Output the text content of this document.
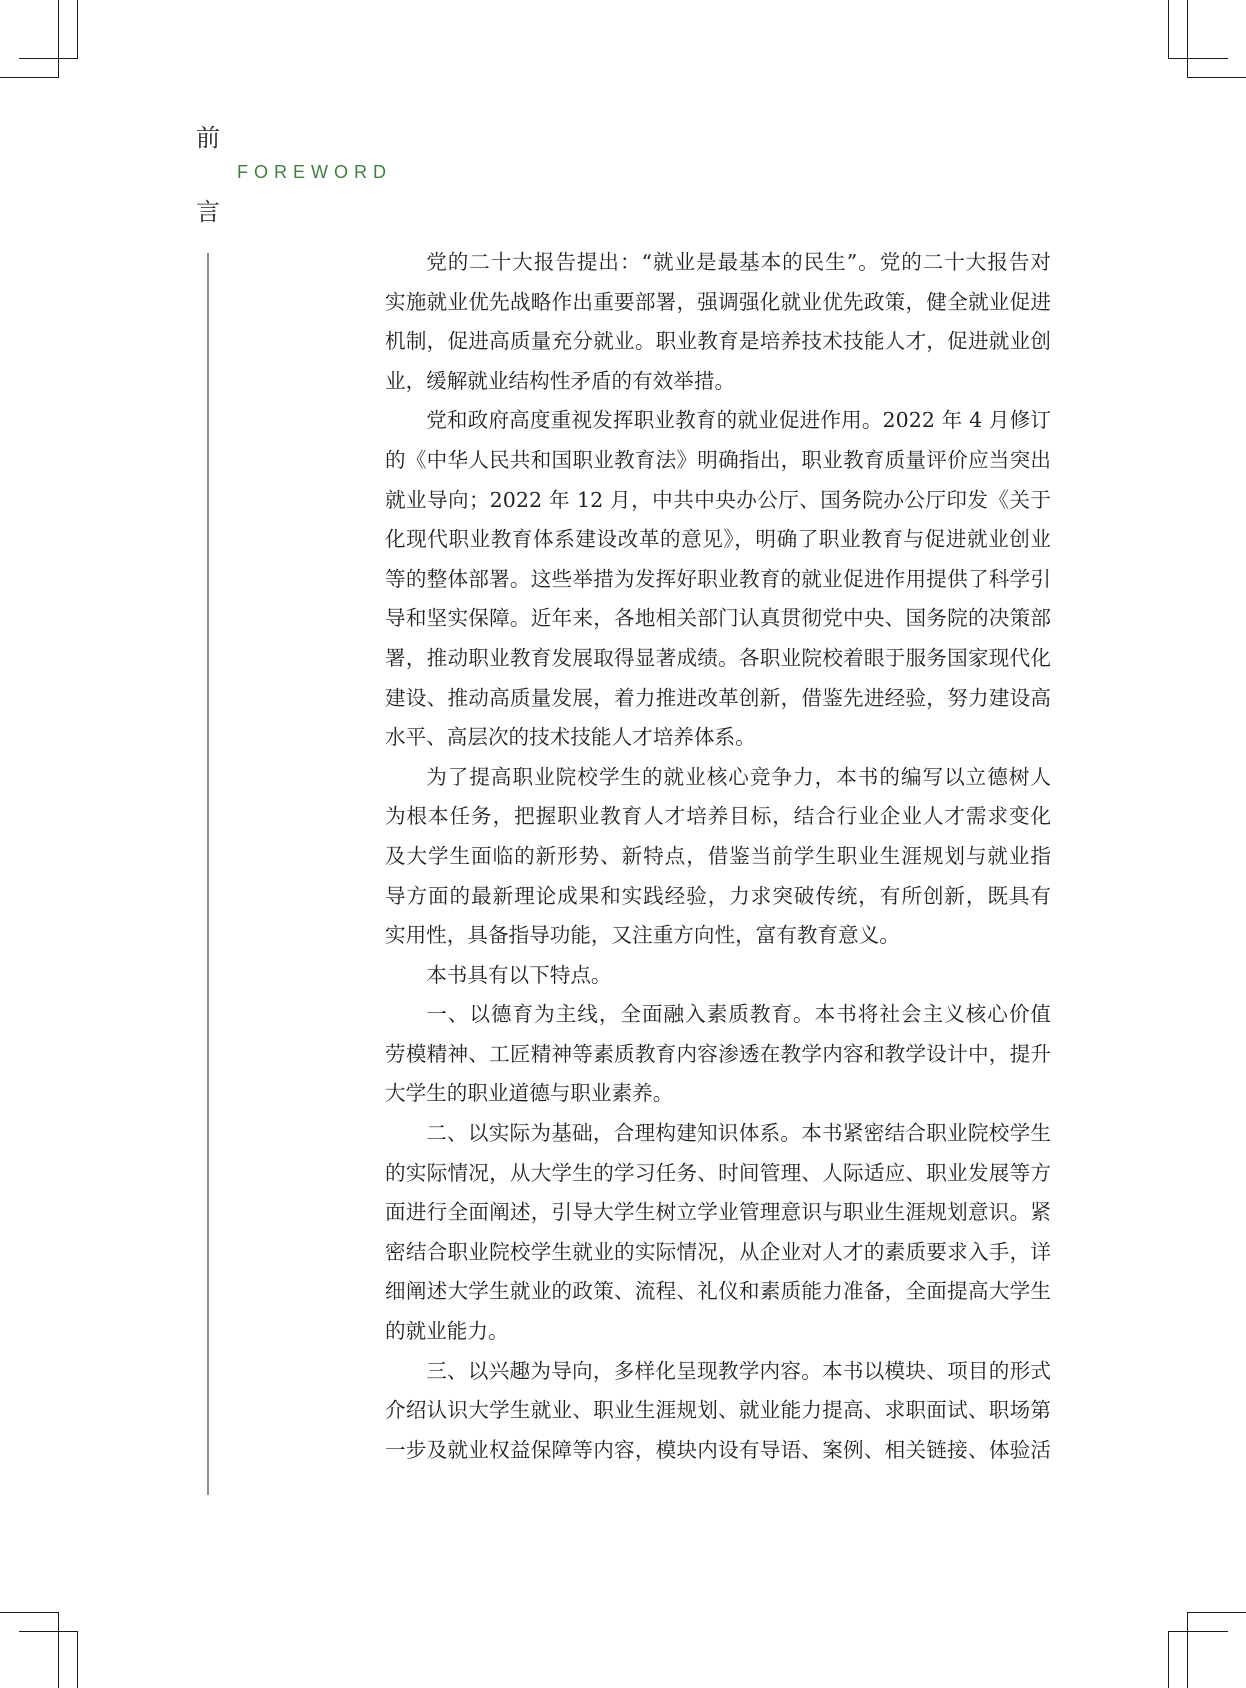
前
FOREWORD
言
党的二十大报告提出：“就业是最基本的民生”。党的二十大报告对
实施就业优先战略作出重要部署，强调强化就业优先政策，健全就业促进
机制，促进高质量充分就业。职业教育是培养技术技能人才，促进就业创
业，缓解就业结构性矛盾的有效举措。
党和政府高度重视发挥职业教育的就业促进作用。2022 年 4 月修订
的《中华人民共和国职业教育法》明确指出，职业教育质量评价应当突出
就业导向；2022 年 12 月，中共中央办公厅、国务院办公厅印发《关于
化现代职业教育体系建设改革的意见》，明确了职业教育与促进就业创业
等的整体部署。这些举措为发挥好职业教育的就业促进作用提供了科学引
导和坚实保障。近年来，各地相关部门认真贯彻党中央、国务院的决策部
署，推动职业教育发展取得显著成绩。各职业院校着眼于服务国家现代化
建设、推动高质量发展，着力推进改革创新，借鉴先进经验，努力建设高
水平、高层次的技术技能人才培养体系。
为了提高职业院校学生的就业核心竞争力，本书的编写以立德树人
为根本任务，把握职业教育人才培养目标，结合行业企业人才需求变化
及大学生面临的新形势、新特点，借鉴当前学生职业生涯规划与就业指
导方面的最新理论成果和实践经验，力求突破传统，有所创新，既具有
实用性，具备指导功能，又注重方向性，富有教育意义。
本书具有以下特点。
一、以德育为主线，全面融入素质教育。本书将社会主义核心价值
劳模精神、工匠精神等素质教育内容渗透在教学内容和教学设计中，提升
大学生的职业道德与职业素养。
二、以实际为基础，合理构建知识体系。本书紧密结合职业院校学生
的实际情况，从大学生的学习任务、时间管理、人际适应、职业发展等方
面进行全面阐述，引导大学生树立学业管理意识与职业生涯规划意识。紧
密结合职业院校学生就业的实际情况，从企业对人才的素质要求入手，详
细阐述大学生就业的政策、流程、礼仪和素质能力准备，全面提高大学生
的就业能力。
三、以兴趣为导向，多样化呈现教学内容。本书以模块、项目的形式
介绍认识大学生就业、职业生涯规划、就业能力提高、求职面试、职场第
一步及就业权益保障等内容，模块内设有导语、案例、相关链接、体验活
